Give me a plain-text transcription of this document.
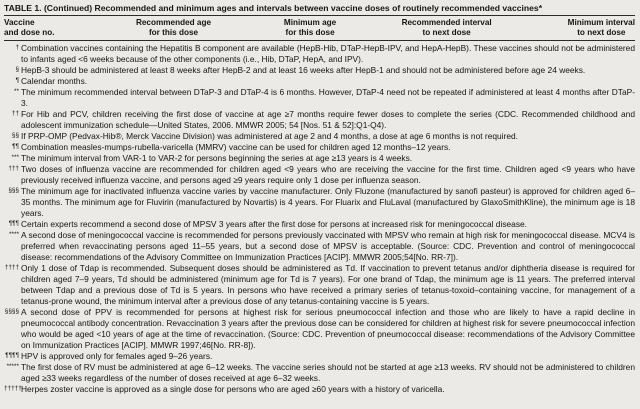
TABLE 1. (Continued) Recommended and minimum ages and intervals between vaccine doses of routinely recommended vaccines*
Vaccine
and dose no.
Recommended age
for this dose
Minimum age
for this dose
Recommended interval
to next dose
Minimum interval
to next dose
† Combination vaccines containing the Hepatitis B component are available (HepB-Hib, DTaP-HepB-IPV, and HepA-HepB). These vaccines should not be administered to infants aged <6 weeks because of the other components (i.e., Hib, DTaP, HepA, and IPV).
§ HepB-3 should be administered at least 8 weeks after HepB-2 and at least 16 weeks after HepB-1 and should not be administered before age 24 weeks.
¶ Calendar months.
** The minimum recommended interval between DTaP-3 and DTaP-4 is 6 months. However, DTaP-4 need not be repeated if administered at least 4 months after DTaP-3.
†† For Hib and PCV, children receiving the first dose of vaccine at age ≥7 months require fewer doses to complete the series (CDC. Recommended childhood and adolescent immunization schedule—United States, 2006. MMWR 2005; 54 [Nos. 51 & 52]:Q1-Q4).
§§ If PRP-OMP (Pedvax-Hib®, Merck Vaccine Division) was administered at age 2 and 4 months, a dose at age 6 months is not required.
¶¶ Combination measles-mumps-rubella-varicella (MMRV) vaccine can be used for children aged 12 months–12 years.
*** The minimum interval from VAR-1 to VAR-2 for persons beginning the series at age ≥13 years is 4 weeks.
††† Two doses of influenza vaccine are recommended for children aged <9 years who are receiving the vaccine for the first time. Children aged <9 years who have previously received influenza vaccine, and persons aged ≥9 years require only 1 dose per influenza season.
§§§ The minimum age for inactivated influenza vaccine varies by vaccine manufacturer. Only Fluzone (manufactured by sanofi pasteur) is approved for children aged 6–35 months. The minimum age for Fluvirin (manufactured by Novartis) is 4 years. For Fluarix and FluLaval (manufactured by GlaxoSmithKline), the minimum age is 18 years.
¶¶¶ Certain experts recommend a second dose of MPSV 3 years after the first dose for persons at increased risk for meningococcal disease.
**** A second dose of meningococcal vaccine is recommended for persons previously vaccinated with MPSV who remain at high risk for meningococcal disease. MCV4 is preferred when revaccinating persons aged 11–55 years, but a second dose of MPSV is acceptable. (Source: CDC. Prevention and control of meningococcal disease: recommendations of the Advisory Committee on Immunization Practices [ACIP]. MMWR 2005;54[No. RR-7]).
†††† Only 1 dose of Tdap is recommended. Subsequent doses should be administered as Td. If vaccination to prevent tetanus and/or diphtheria disease is required for children aged 7–9 years, Td should be administered (minimum age for Td is 7 years). For one brand of Tdap, the minimum age is 11 years. The preferred interval between Tdap and a previous dose of Td is 5 years. In persons who have received a primary series of tetanus-toxoid–containing vaccine, for management of a tetanus-prone wound, the minimum interval after a previous dose of any tetanus-containing vaccine is 5 years.
§§§§ A second dose of PPV is recommended for persons at highest risk for serious pneumococcal infection and those who are likely to have a rapid decline in pneumococcal antibody concentration. Revaccination 3 years after the previous dose can be considered for children at highest risk for severe pneumococcal infection who would be aged <10 years of age at the time of revaccination. (Source: CDC. Prevention of pneumococcal disease: recommendations of the Advisory Committee on Immunization Practices [ACIP]. MMWR 1997;46[No. RR-8]).
¶¶¶¶ HPV is approved only for females aged 9–26 years.
***** The first dose of RV must be administered at age 6–12 weeks. The vaccine series should not be started at age ≥13 weeks. RV should not be administered to children aged ≥33 weeks regardless of the number of doses received at age 6–32 weeks.
††††† Herpes zoster vaccine is approved as a single dose for persons who are aged ≥60 years with a history of varicella.
